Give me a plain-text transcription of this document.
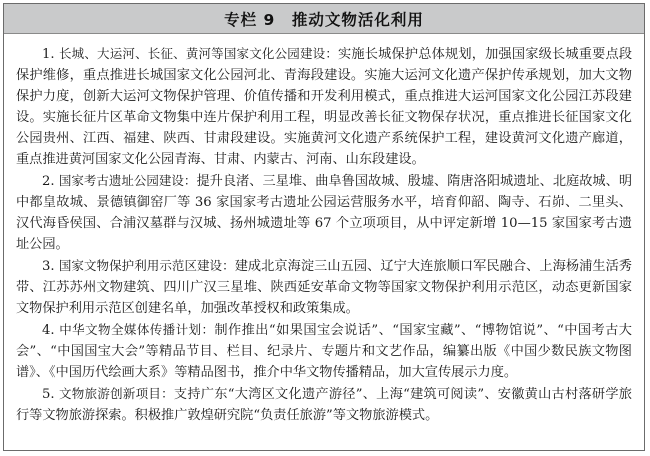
专栏 9　推动文物活化利用

1. 长城、大运河、长征、黄河等国家文化公园建设：实施长城保护总体规划，加强国家级长城重要点段保护维修，重点推进长城国家文化公园河北、青海段建设。实施大运河文化遗产保护传承规划，加大文物保护力度，创新大运河文物保护管理、价值传播和开发利用模式，重点推进大运河国家文化公园江苏段建设。实施长征片区革命文物集中连片保护利用工程，明显改善长征文物保存状况，重点推进长征国家文化公园贵州、江西、福建、陕西、甘肃段建设。实施黄河文化遗产系统保护工程，建设黄河文化遗产廊道，重点推进黄河国家文化公园青海、甘肃、内蒙古、河南、山东段建设。

2. 国家考古遗址公园建设：提升良渚、三星堆、曲阜鲁国故城、殷墟、隋唐洛阳城遗址、北庭故城、明中都皇故城、景德镇御窑厂等 36 家国家考古遗址公园运营服务水平，培育仰韶、陶寺、石峁、二里头、汉代海昏侯国、合浦汉墓群与汉城、扬州城遗址等 67 个立项项目，从中评定新增 10—15 家国家考古遗址公园。

3. 国家文物保护利用示范区建设：建成北京海淀三山五园、辽宁大连旅顺口军民融合、上海杨浦生活秀带、江苏苏州文物建筑、四川广汉三星堆、陕西延安革命文物等国家文物保护利用示范区，动态更新国家文物保护利用示范区创建名单，加强改革授权和政策集成。

4. 中华文物全媒体传播计划：制作推出“如果国宝会说话”、“国家宝藏”、“博物馆说”、“中国考古大会”、“中国国宝大会”等精品节目、栏目、纪录片、专题片和文艺作品，编纂出版《中国少数民族文物图谱》、《中国历代绘画大系》等精品图书，推介中华文物传播精品，加大宣传展示力度。

5. 文物旅游创新项目：支持广东“大湾区文化遗产游径”、上海“建筑可阅读”、安徽黄山古村落研学旅行等文物旅游探索。积极推广敦煌研究院“负责任旅游”等文物旅游模式。
